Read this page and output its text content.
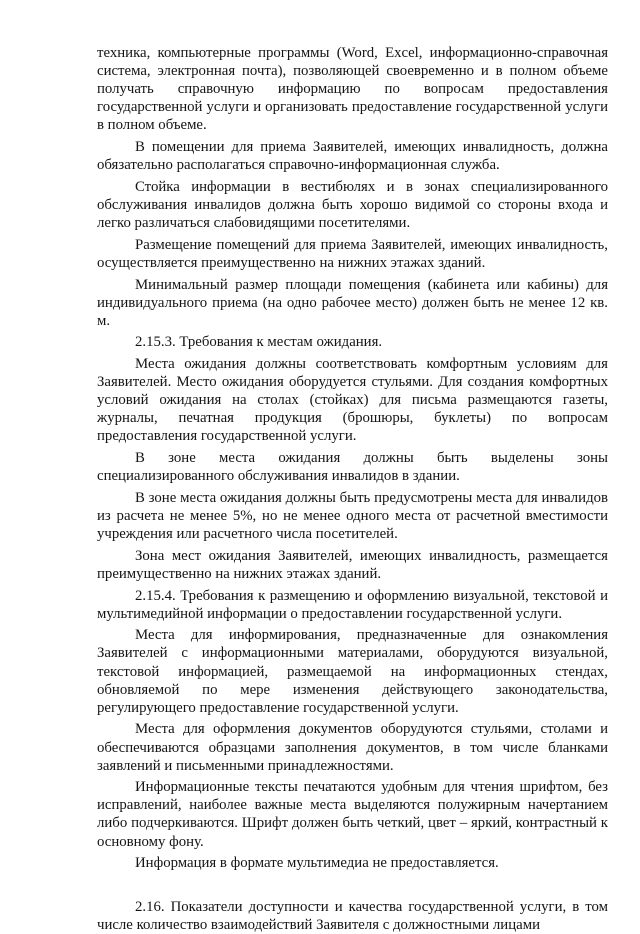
техника, компьютерные программы (Word, Excel, информационно-справочная система, электронная почта), позволяющей своевременно и в полном объеме получать справочную информацию по вопросам предоставления государственной услуги и организовать предоставление государственной услуги в полном объеме.

В помещении для приема Заявителей, имеющих инвалидность, должна обязательно располагаться справочно-информационная служба.

Стойка информации в вестибюлях и в зонах специализированного обслуживания инвалидов должна быть хорошо видимой со стороны входа и легко различаться слабовидящими посетителями.

Размещение помещений для приема Заявителей, имеющих инвалидность, осуществляется преимущественно на нижних этажах зданий.

Минимальный размер площади помещения (кабинета или кабины) для индивидуального приема (на одно рабочее место) должен быть не менее 12 кв. м.

2.15.3. Требования к местам ожидания.

Места ожидания должны соответствовать комфортным условиям для Заявителей. Место ожидания оборудуется стульями. Для создания комфортных условий ожидания на столах (стойках) для письма размещаются газеты, журналы, печатная продукция (брошюры, буклеты) по вопросам предоставления государственной услуги.

В зоне места ожидания должны быть выделены зоны специализированного обслуживания инвалидов в здании.

В зоне места ожидания должны быть предусмотрены места для инвалидов из расчета не менее 5%, но не менее одного места от расчетной вместимости учреждения или расчетного числа посетителей.

Зона мест ожидания Заявителей, имеющих инвалидность, размещается преимущественно на нижних этажах зданий.

2.15.4. Требования к размещению и оформлению визуальной, текстовой и мультимедийной информации о предоставлении государственной услуги.

Места для информирования, предназначенные для ознакомления Заявителей с информационными материалами, оборудуются визуальной, текстовой информацией, размещаемой на информационных стендах, обновляемой по мере изменения действующего законодательства, регулирующего предоставление государственной услуги.

Места для оформления документов оборудуются стульями, столами и обеспечиваются образцами заполнения документов, в том числе бланками заявлений и письменными принадлежностями.

Информационные тексты печатаются удобным для чтения шрифтом, без исправлений, наиболее важные места выделяются полужирным начертанием либо подчеркиваются. Шрифт должен быть четкий, цвет – яркий, контрастный к основному фону.

Информация в формате мультимедиа не предоставляется.

2.16. Показатели доступности и качества государственной услуги, в том числе количество взаимодействий Заявителя с должностными лицами
